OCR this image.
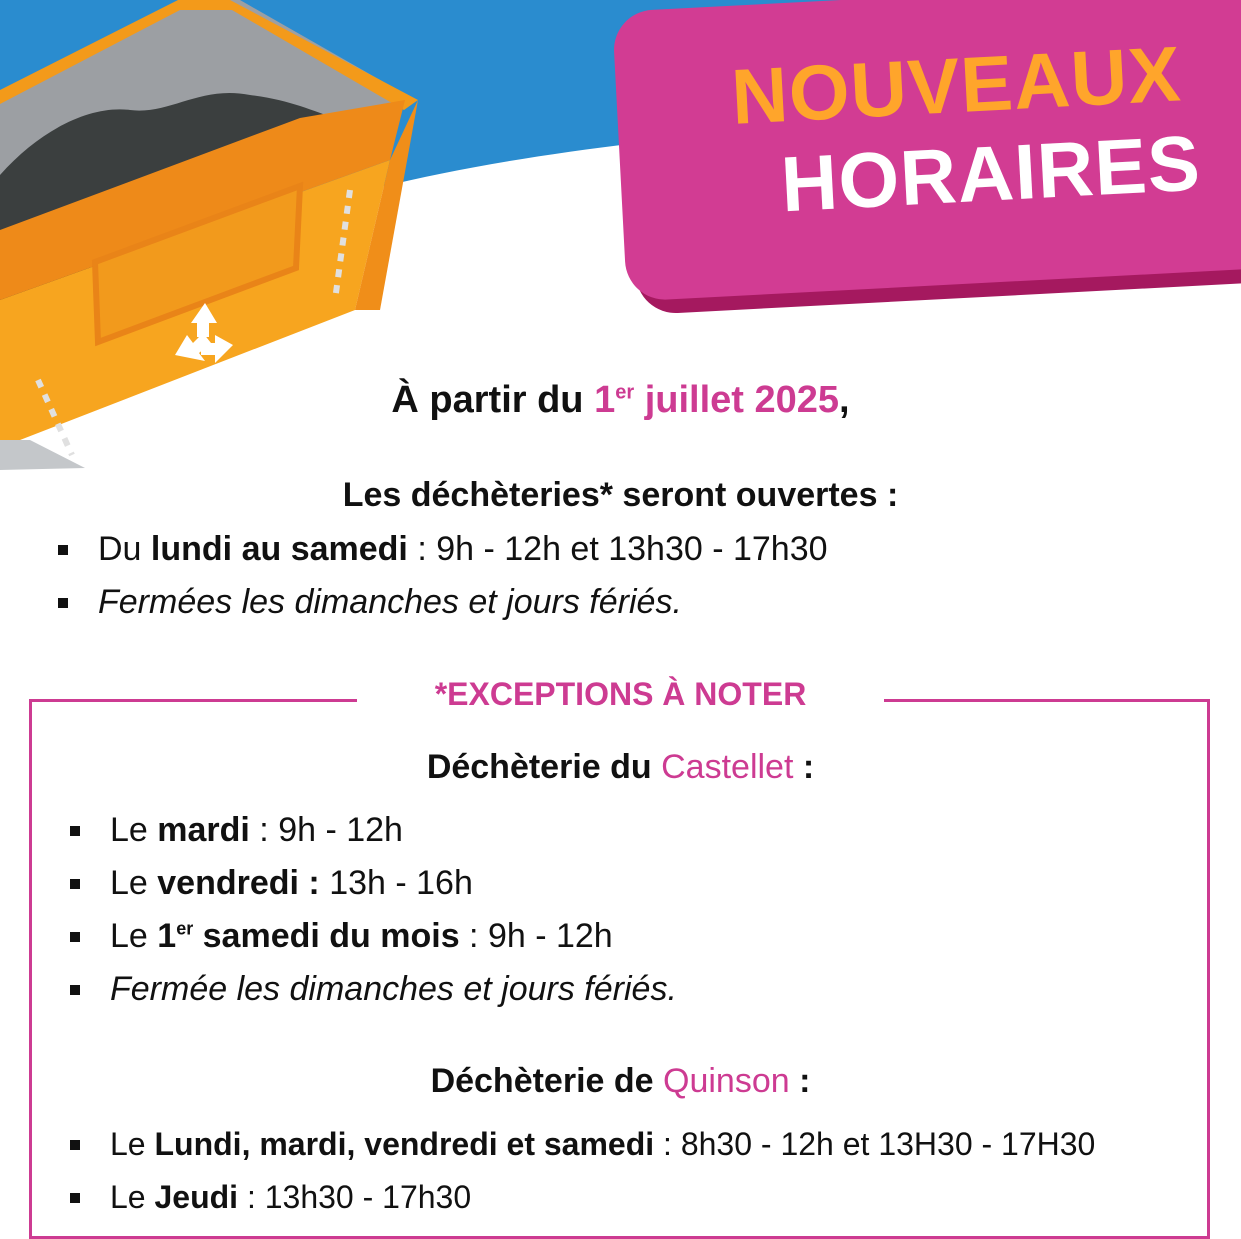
NOUVEAUX
HORAIRES
À partir du 1er juillet 2025,
Les déchèteries* seront ouvertes :
Du lundi au samedi : 9h - 12h et 13h30 - 17h30
Fermées les dimanches et jours fériés.
*EXCEPTIONS À NOTER
Déchèterie du Castellet :
Le mardi : 9h - 12h
Le vendredi : 13h - 16h
Le 1er samedi du mois : 9h - 12h
Fermée les dimanches et jours fériés.
Déchèterie de Quinson :
Le Lundi, mardi, vendredi et samedi : 8h30 - 12h et 13H30 - 17H30
Le Jeudi : 13h30 - 17h30
